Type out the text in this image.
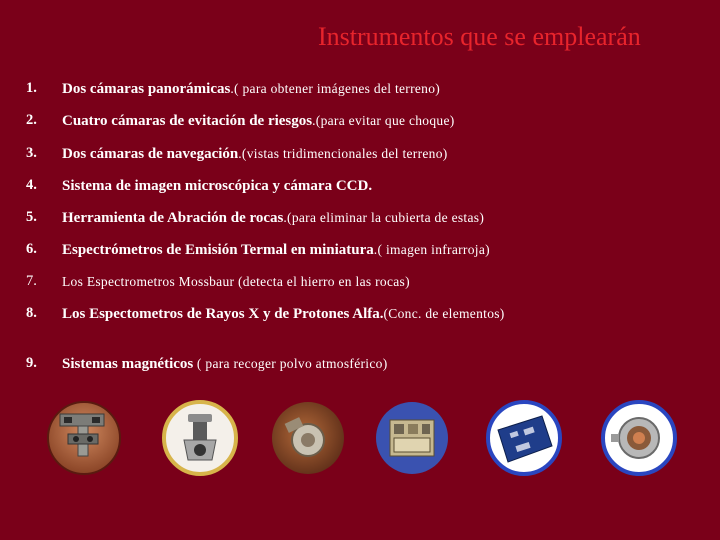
Instrumentos que se emplearán
1. Dos cámaras panorámicas.( para obtener imágenes del terreno)
2. Cuatro cámaras de evitación de riesgos.(para evitar que choque)
3. Dos cámaras de navegación.(vistas tridimencionales del terreno)
4. Sistema de imagen microscópica y cámara CCD.
5. Herramienta de Abración de rocas.(para eliminar la cubierta de estas)
6. Espectrómetros de Emisión Termal en miniatura.( imagen infrarroja)
7. Los Espectrometros Mossbaur (detecta el hierro en las rocas)
8. Los Espectometros de Rayos X y de Protones Alfa.(Conc. de elementos)
9. Sistemas magnéticos ( para recoger polvo atmosférico)
